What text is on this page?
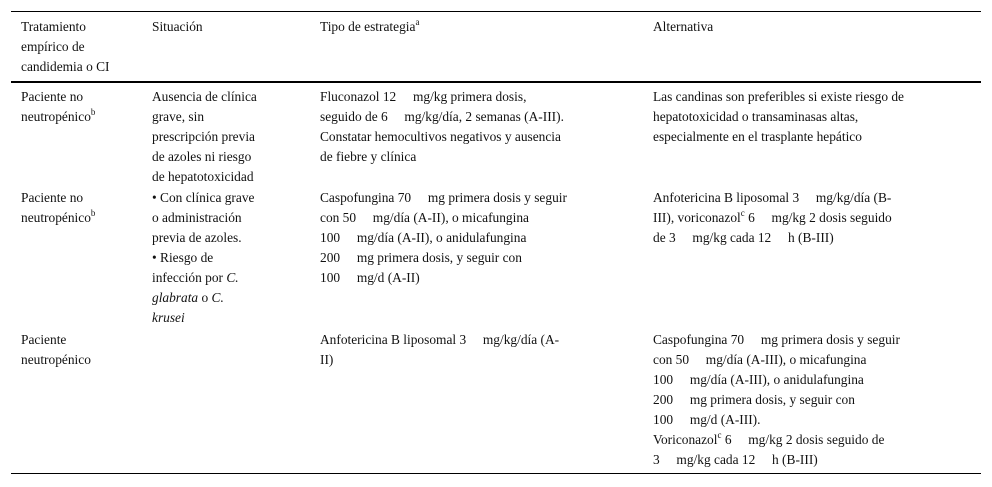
Tratamiento
empírico de
candidemia o CI
Situación	Tipo de estrategia$^a$	Alternativa
Paciente no
neutropénico$^b$
Ausencia de clínica
grave, sin
prescripción previa
de azoles ni riesgo
de hepatotoxicidad
Fluconazol 12     mg/kg primera dosis,
seguido de 6     mg/kg/día, 2 semanas (A-III).
Constatar hemocultivos negativos y ausencia
de fiebre y clínica
Las candinas son preferibles si existe riesgo de
hepatotoxicidad o transaminasas altas,
especialmente en el trasplante hepático
Paciente no
neutropénico$^b$
• Con clínica grave
o administración
previa de azoles.
• Riesgo de
infección por C.
glabrata o C.
krusei
Caspofungina 70     mg primera dosis y seguir
con 50     mg/día (A-II), o micafungina
100     mg/día (A-II), o anidulafungina
200     mg primera dosis, y seguir con
100     mg/d (A-II)
Anfotericina B liposomal 3     mg/kg/día (B-
III), voriconazol$^c$ 6     mg/kg 2 dosis seguido
de 3     mg/kg cada 12     h (B-III)
Paciente
neutropénico
Anfotericina B liposomal 3     mg/kg/día (A-
II)
Caspofungina 70     mg primera dosis y seguir
con 50     mg/día (A-III), o micafungina
100     mg/día (A-III), o anidulafungina
200     mg primera dosis, y seguir con
100     mg/d (A-III).
Voriconazol$^c$ 6     mg/kg 2 dosis seguido de
3     mg/kg cada 12     h (B-III)
